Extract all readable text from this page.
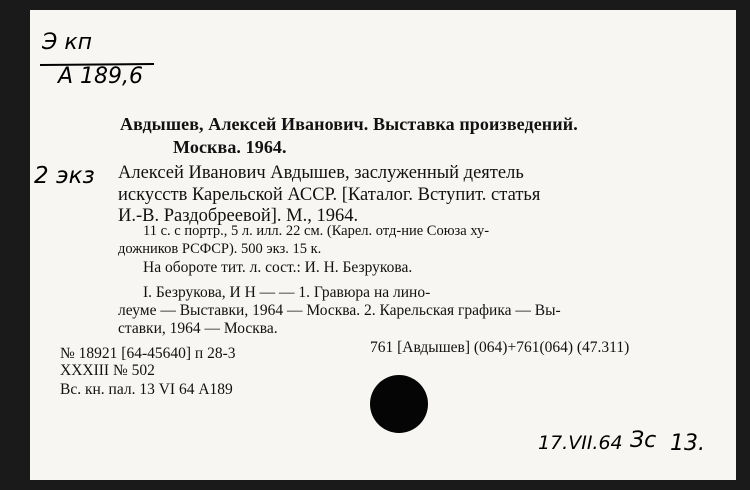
Э кп
А 189,6
Авдышев, Алексей Иванович. Выставка произведений.
Москва. 1964.
2 экз Алексей Иванович Авдышев, заслуженный деятель
искусств Карельской АССР. [Каталог. Вступит. статья
И.-В. Раздобреевой]. М., 1964.
11 с. с портр., 5 л. илл. 22 см. (Карел. отд-ние Союза ху-
дожников РСФСР). 500 экз. 15 к.
На обороте тит. л. сост.: И. Н. Безрукова.
I. Безрукова, И Н — — 1. Гравюра на лино-
леуме — Выставки, 1964 — Москва. 2. Карельская графика — Вы-
ставки, 1964 — Москва.
761 [Авдышев] (064)+761(064) (47.311)
№ 18921 [64-45640] п 28-3
XXXIII № 502
Вс. кн. пал. 13 VI 64 А189
17.VII.64 Зс 13.
